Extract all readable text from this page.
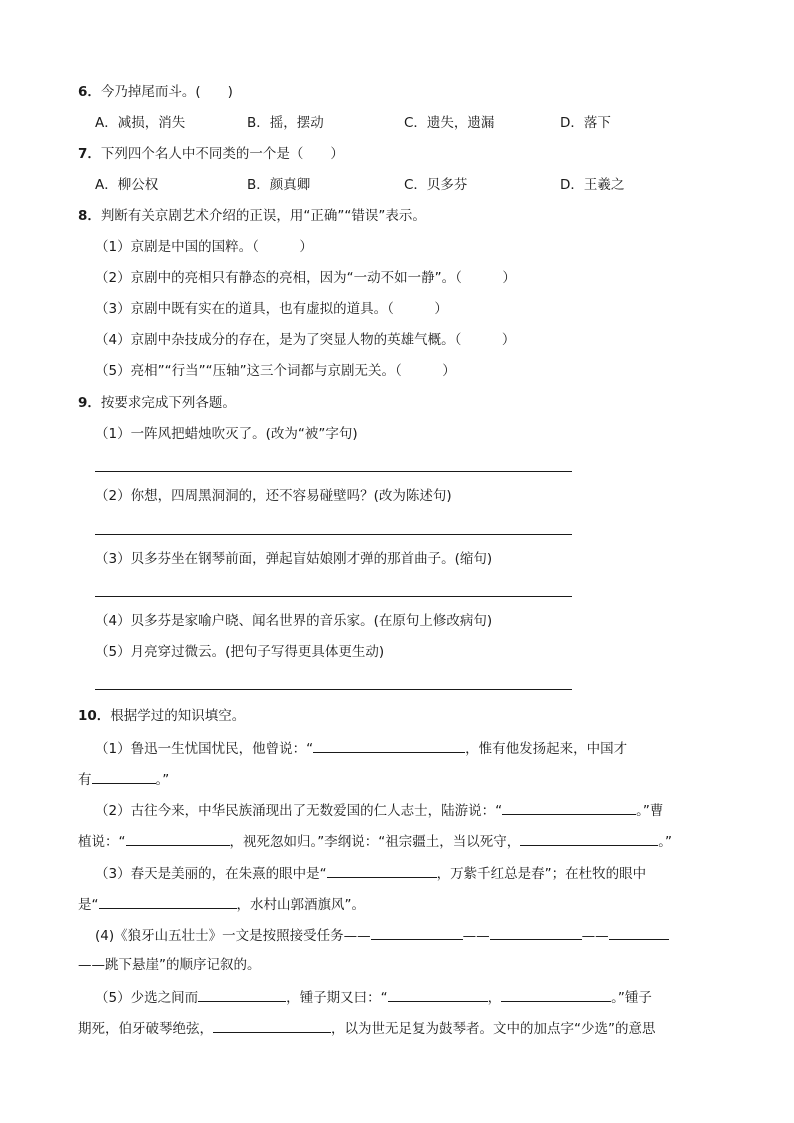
6．今乃掉尾而斗。(　　)
A．减损，消失	B．摇，摆动	C．遗失，遗漏	D．落下
7．下列四个名人中不同类的一个是（　　）
A．柳公权	B．颜真卿	C．贝多芬	D．王羲之
8．判断有关京剧艺术介绍的正误，用“正确”“错误”表示。
（1）京剧是中国的国粹。（　　　）
（2）京剧中的亮相只有静态的亮相，因为“一动不如一静”。（　　　）
（3）京剧中既有实在的道具，也有虚拟的道具。（　　　）
（4）京剧中杂技成分的存在，是为了突显人物的英雄气概。（　　　）
（5）亮相”“行当”“压轴”这三个词都与京剧无关。（　　　）
9．按要求完成下列各题。
（1）一阵风把蜡烛吹灭了。(改为“被”字句)
（2）你想，四周黑洞洞的，还不容易碰壁吗？(改为陈述句)
（3）贝多芬坐在钢琴前面，弹起盲姑娘刚才弹的那首曲子。(缩句)
（4）贝多芬是家喻户晓、闻名世界的音乐家。(在原句上修改病句)
（5）月亮穿过微云。(把句子写得更具体更生动)
10．根据学过的知识填空。
（1）鲁迅一生忧国忧民，他曾说：“	，惟有他发扬起来，中国才
有	。”
（2）古往今来，中华民族涌现出了无数爱国的仁人志士，陆游说：“	。”曹
植说：“	，视死忽如归。”李纲说：“祖宗疆土，当以死守，	。”
（3）春天是美丽的，在朱熹的眼中是“	，万紫千红总是春”；在杜牧的眼中
是“	，水村山郭酒旗风”。
(4)《狼牙山五壮士》一文是按照接受任务——	——	——
——跳下悬崖”的顺序记叙的。
（5）少选之间而	，锺子期又曰：“	，	。”锺子
期死，伯牙破琴绝弦，	，以为世无足复为鼓琴者。文中的加点字“少选”的意思
